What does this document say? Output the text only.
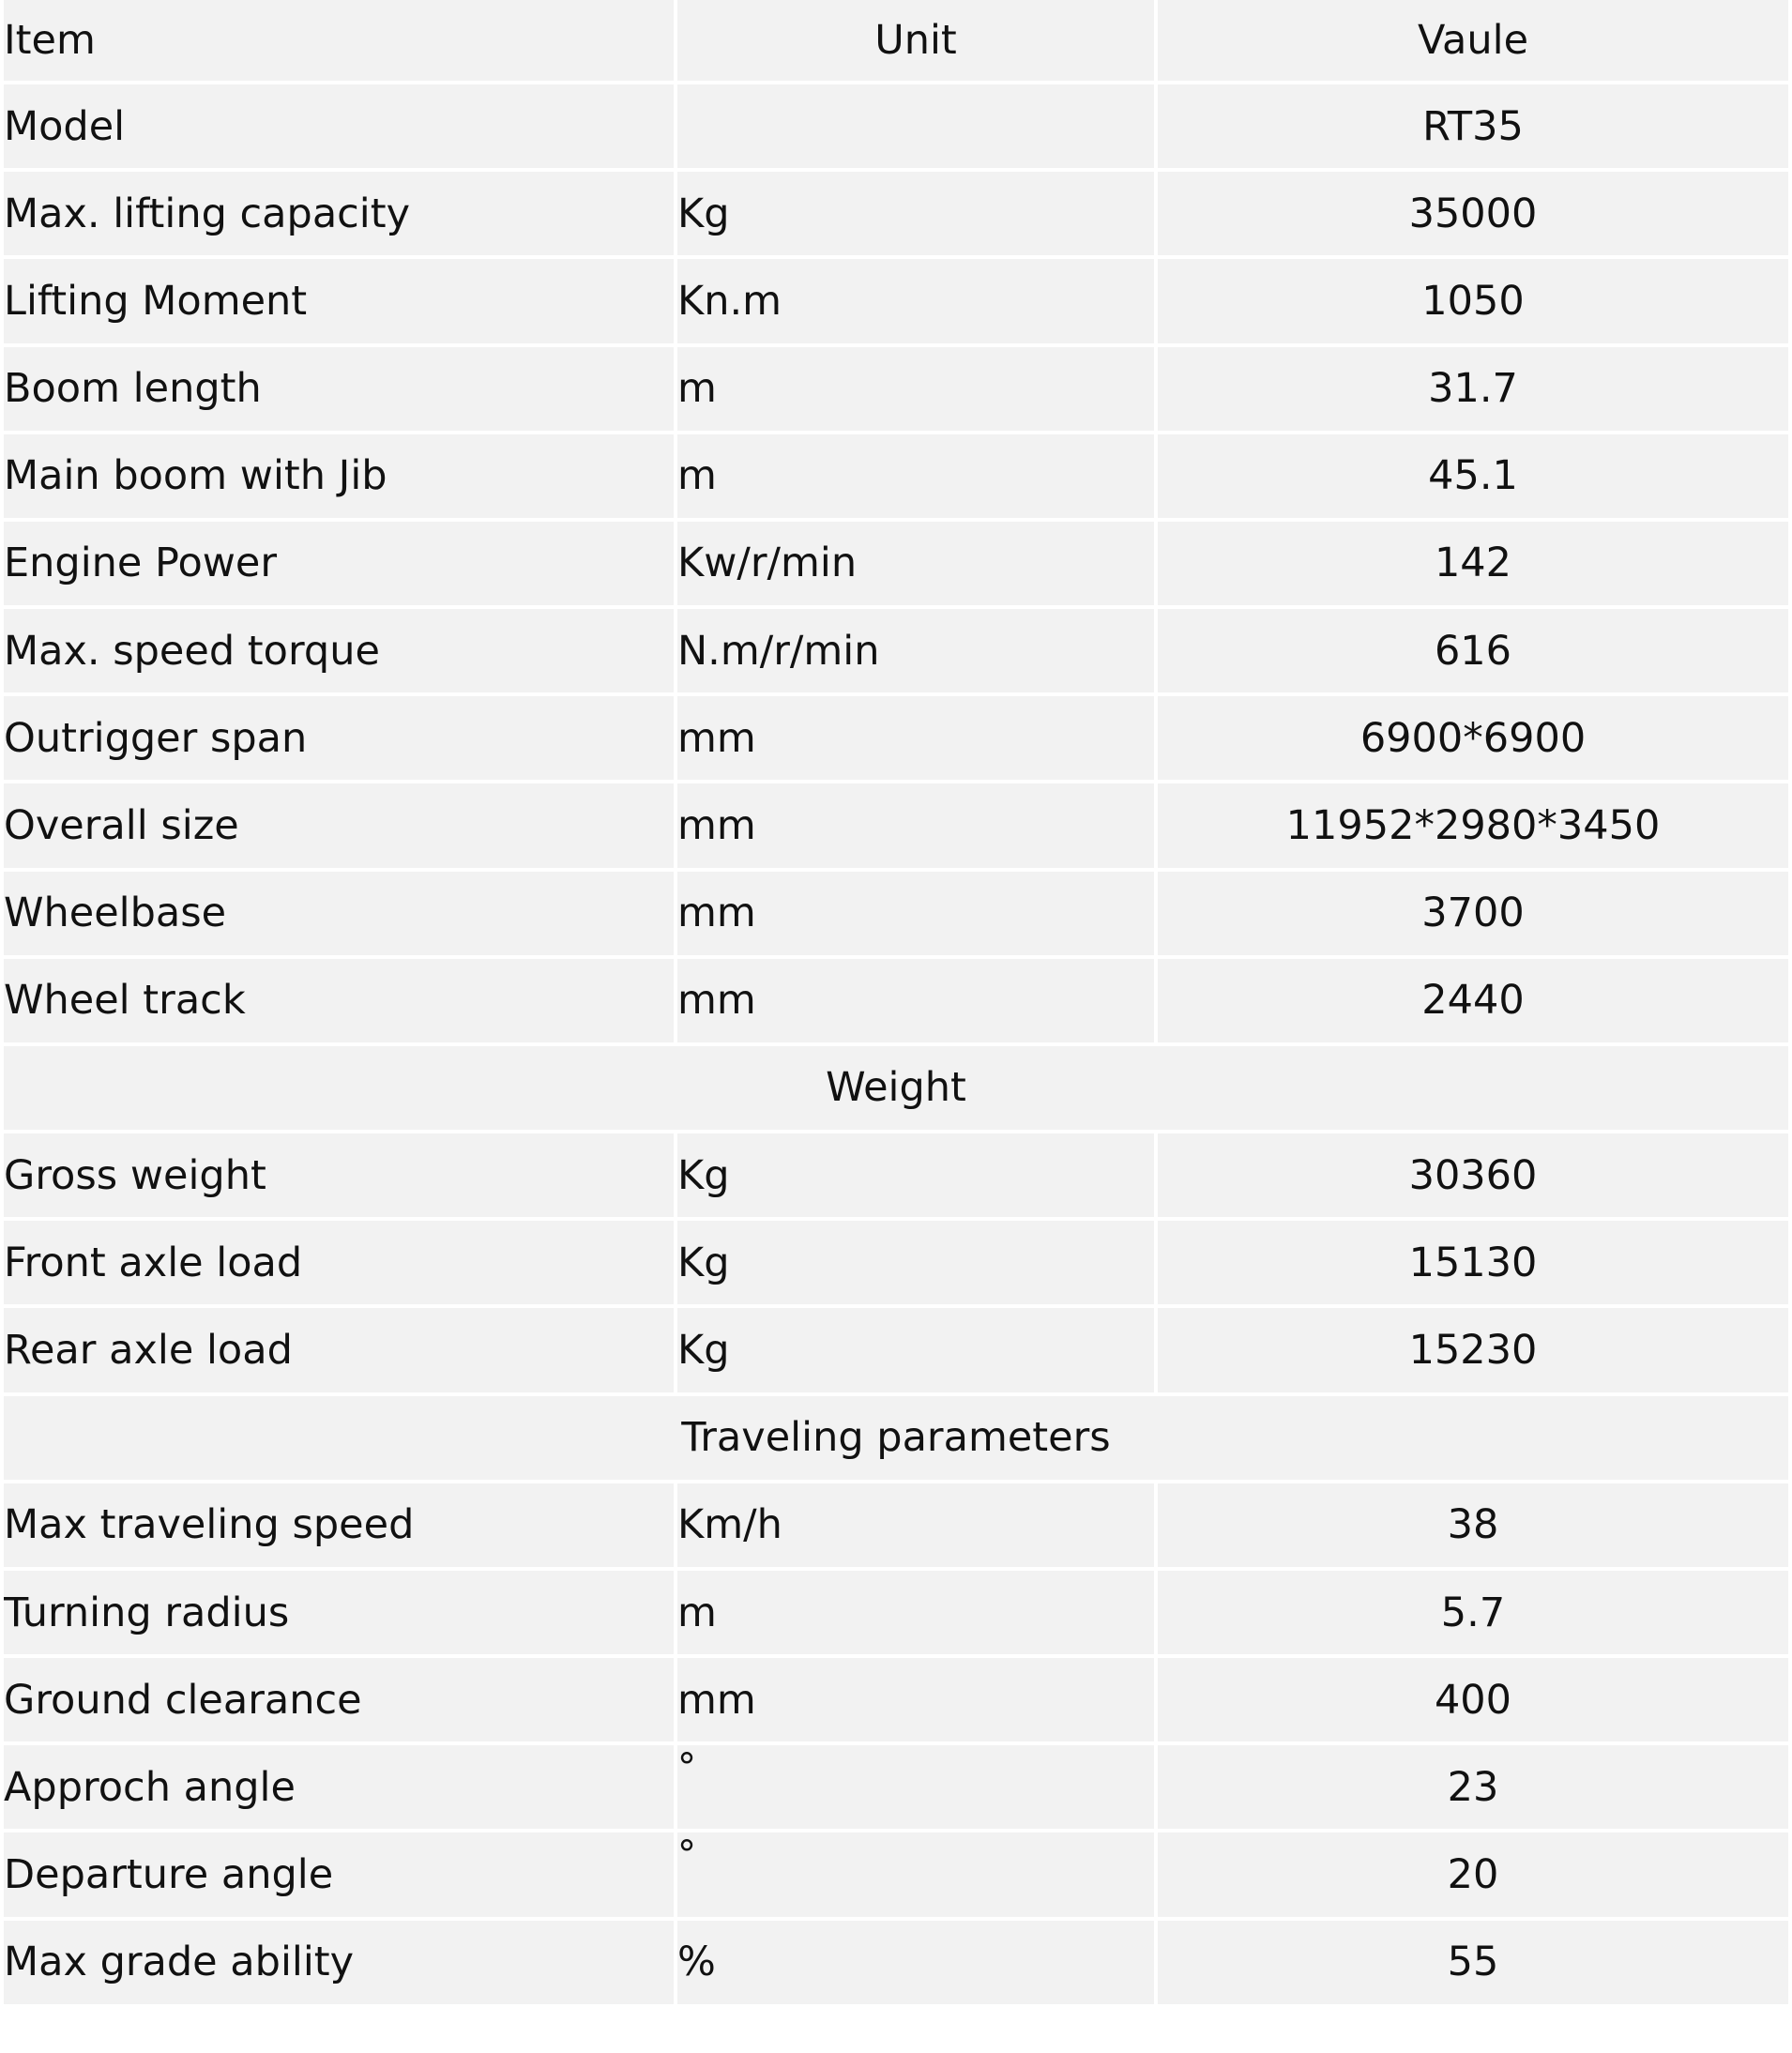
Item	Unit	Vaule
Model		RT35
Max. lifting capacity	Kg	35000
Lifting Moment	Kn.m	1050
Boom length	m	31.7
Main boom with Jib	m	45.1
Engine Power	Kw/r/min	142
Max. speed torque	N.m/r/min	616
Outrigger span	mm	6900*6900
Overall size	mm	11952*2980*3450
Wheelbase	mm	3700
Wheel track	mm	2440
Weight		
Gross weight	Kg	30360
Front axle load	Kg	15130
Rear axle load	Kg	15230
Traveling parameters		
Max traveling speed	Km/h	38
Turning radius	m	5.7
Ground clearance	mm	400
Approch angle	°	23
Departure angle	°	20
Max grade ability	%	55
